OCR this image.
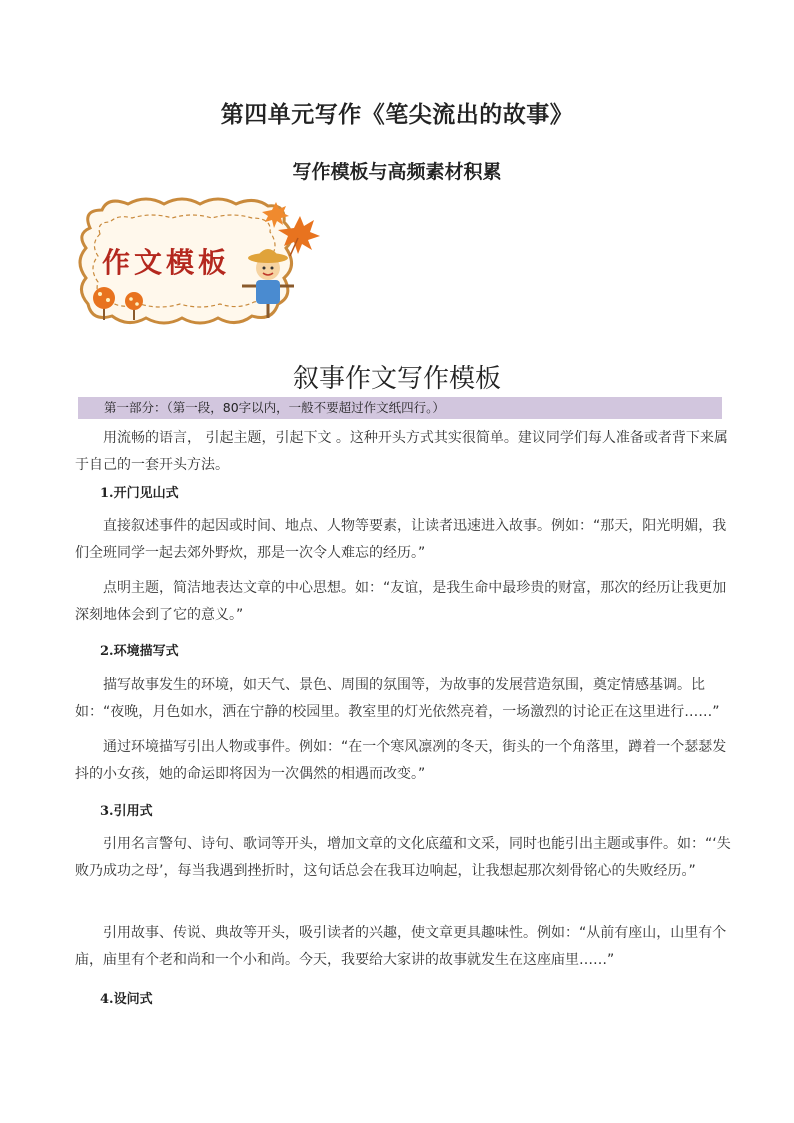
第四单元写作《笔尖流出的故事》
写作模板与高频素材积累
作文模板
叙事作文写作模板
第一部分：（第一段，80字以内，一般不要超过作文纸四行。）

用流畅的语言， 引起主题，引起下文 。这种开头方式其实很简单。建议同学们每人准备或者背下来属于自己的一套开头方法。

1.开门见山式

直接叙述事件的起因或时间、地点、人物等要素，让读者迅速进入故事。例如：“那天，阳光明媚，我们全班同学一起去郊外野炊，那是一次令人难忘的经历。”

点明主题，简洁地表达文章的中心思想。如：“友谊，是我生命中最珍贵的财富，那次的经历让我更加深刻地体会到了它的意义。”

2.环境描写式

描写故事发生的环境，如天气、景色、周围的氛围等，为故事的发展营造氛围，奠定情感基调。比如：“夜晚，月色如水，洒在宁静的校园里。教室里的灯光依然亮着，一场激烈的讨论正在这里进行……”

通过环境描写引出人物或事件。例如：“在一个寒风凛冽的冬天，街头的一个角落里，蹲着一个瑟瑟发抖的小女孩，她的命运即将因为一次偶然的相遇而改变。”

3.引用式

引用名言警句、诗句、歌词等开头，增加文章的文化底蕴和文采，同时也能引出主题或事件。如：“‘失败乃成功之母’，每当我遇到挫折时，这句话总会在我耳边响起，让我想起那次刻骨铭心的失败经历。”

引用故事、传说、典故等开头，吸引读者的兴趣，使文章更具趣味性。例如：“从前有座山，山里有个庙，庙里有个老和尚和一个小和尚。今天，我要给大家讲的故事就发生在这座庙里……”

4.设问式
